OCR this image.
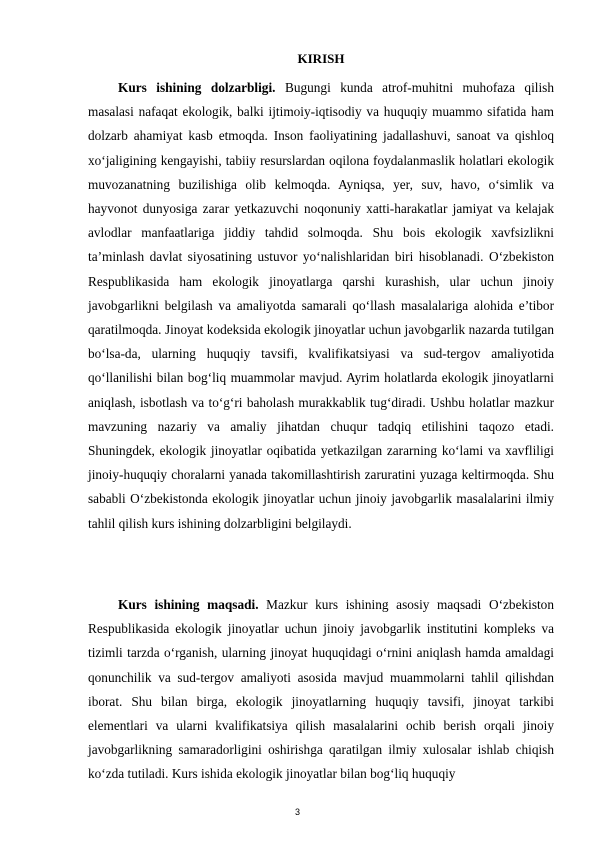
KIRISH

Kurs ishining dolzarbligi. Bugungi kunda atrof-muhitni muhofaza qilish masalasi nafaqat ekologik, balki ijtimoiy-iqtisodiy va huquqiy muammo sifatida ham dolzarb ahamiyat kasb etmoqda. Inson faoliyatining jadallashuvi, sanoat va qishloq xo‘jaligining kengayishi, tabiiy resurslardan oqilona foydalanmaslik holatlari ekologik muvozanatning buzilishiga olib kelmoqda. Ayniqsa, yer, suv, havo, o‘simlik va hayvonot dunyosiga zarar yetkazuvchi noqonuniy xatti-harakatlar jamiyat va kelajak avlodlar manfaatlariga jiddiy tahdid solmoqda. Shu bois ekologik xavfsizlikni ta’minlash davlat siyosatining ustuvor yo‘nalishlaridan biri hisoblanadi. O‘zbekiston Respublikasida ham ekologik jinoyatlarga qarshi kurashish, ular uchun jinoiy javobgarlikni belgilash va amaliyotda samarali qo‘llash masalalariga alohida e’tibor qaratilmoqda. Jinoyat kodeksida ekologik jinoyatlar uchun javobgarlik nazarda tutilgan bo‘lsa-da, ularning huquqiy tavsifi, kvalifikatsiyasi va sud-tergov amaliyotida qo‘llanilishi bilan bog‘liq muammolar mavjud. Ayrim holatlarda ekologik jinoyatlarni aniqlash, isbotlash va to‘g‘ri baholash murakkablik tug‘diradi. Ushbu holatlar mazkur mavzuning nazariy va amaliy jihatdan chuqur tadqiq etilishini taqozo etadi. Shuningdek, ekologik jinoyatlar oqibatida yetkazilgan zararning ko‘lami va xavfliligi jinoiy-huquqiy choralarni yanada takomillashtirish zaruratini yuzaga keltirmoqda. Shu sababli O‘zbekistonda ekologik jinoyatlar uchun jinoiy javobgarlik masalalarini ilmiy tahlil qilish kurs ishining dolzarbligini belgilaydi.

Kurs ishining maqsadi. Mazkur kurs ishining asosiy maqsadi O‘zbekiston Respublikasida ekologik jinoyatlar uchun jinoiy javobgarlik institutini kompleks va tizimli tarzda o‘rganish, ularning jinoyat huquqidagi o‘rnini aniqlash hamda amaldagi qonunchilik va sud-tergov amaliyoti asosida mavjud muammolarni tahlil qilishdan iborat. Shu bilan birga, ekologik jinoyatlarning huquqiy tavsifi, jinoyat tarkibi elementlari va ularni kvalifikatsiya qilish masalalarini ochib berish orqali jinoiy javobgarlikning samaradorligini oshirishga qaratilgan ilmiy xulosalar ishlab chiqish ko‘zda tutiladi. Kurs ishida ekologik jinoyatlar bilan bog‘liq huquqiy

3
